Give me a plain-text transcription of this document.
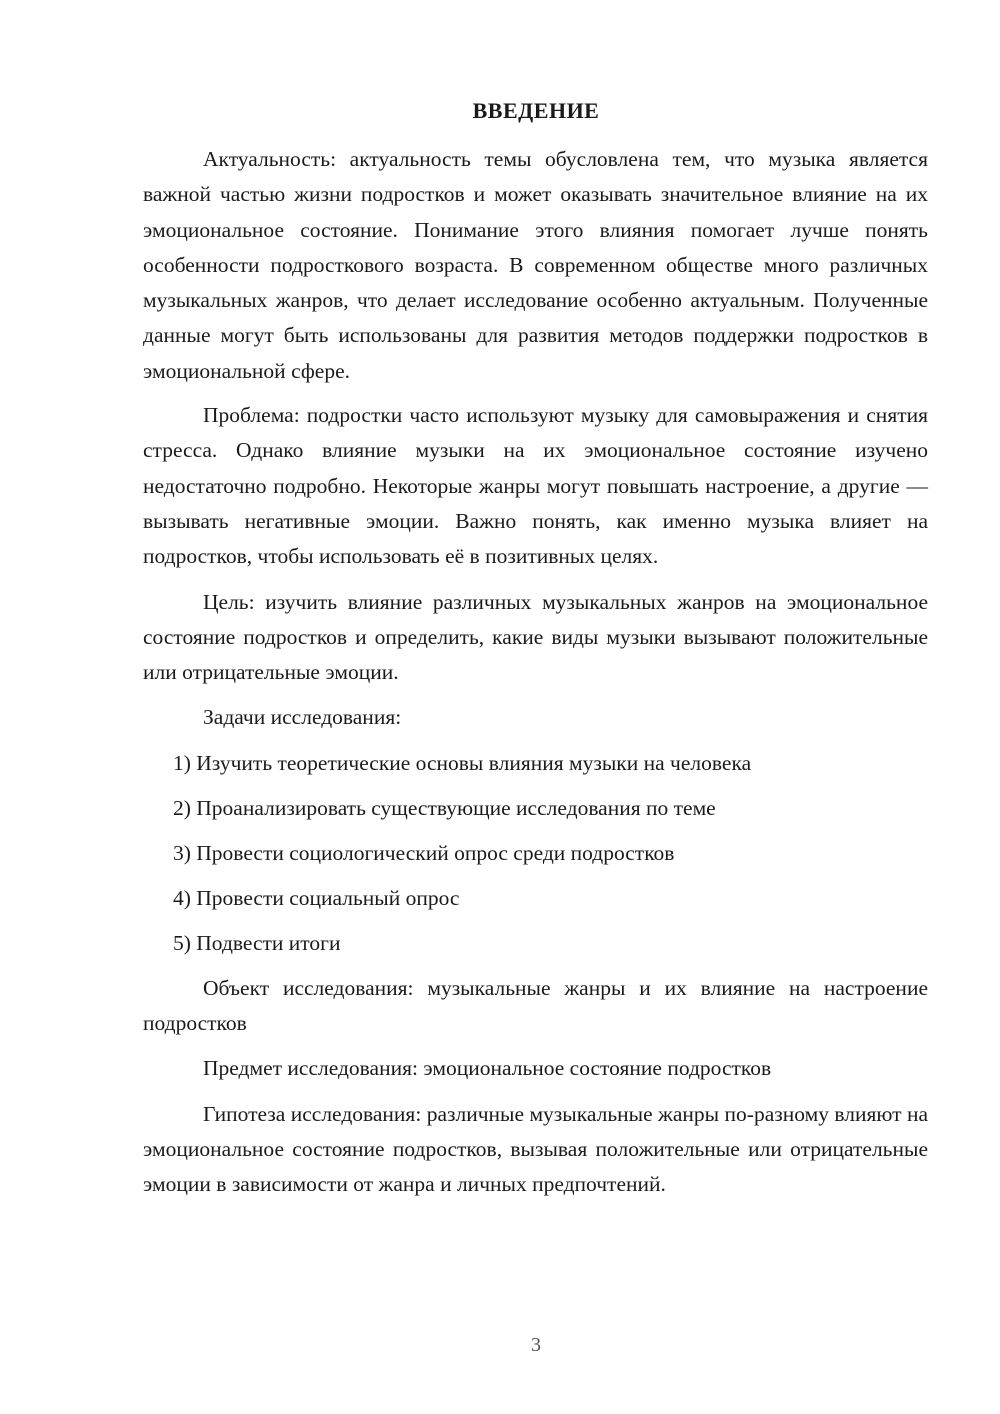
ВВЕДЕНИЕ

Актуальность: актуальность темы обусловлена тем, что музыка является важной частью жизни подростков и может оказывать значительное влияние на их эмоциональное состояние. Понимание этого влияния помогает лучше понять особенности подросткового возраста. В современном обществе много различных музыкальных жанров, что делает исследование особенно актуальным. Полученные данные могут быть использованы для развития методов поддержки подростков в эмоциональной сфере.

Проблема: подростки часто используют музыку для самовыражения и снятия стресса. Однако влияние музыки на их эмоциональное состояние изучено недостаточно подробно. Некоторые жанры могут повышать настроение, а другие — вызывать негативные эмоции. Важно понять, как именно музыка влияет на подростков, чтобы использовать её в позитивных целях.

Цель: изучить влияние различных музыкальных жанров на эмоциональное состояние подростков и определить, какие виды музыки вызывают положительные или отрицательные эмоции.

Задачи исследования:

1) Изучить теоретические основы влияния музыки на человека
2) Проанализировать существующие исследования по теме
3) Провести социологический опрос среди подростков
4) Провести социальный опрос
5) Подвести итоги

Объект исследования: музыкальные жанры и их влияние на настроение подростков

Предмет исследования: эмоциональное состояние подростков

Гипотеза исследования: различные музыкальные жанры по-разному влияют на эмоциональное состояние подростков, вызывая положительные или отрицательные эмоции в зависимости от жанра и личных предпочтений.

3
